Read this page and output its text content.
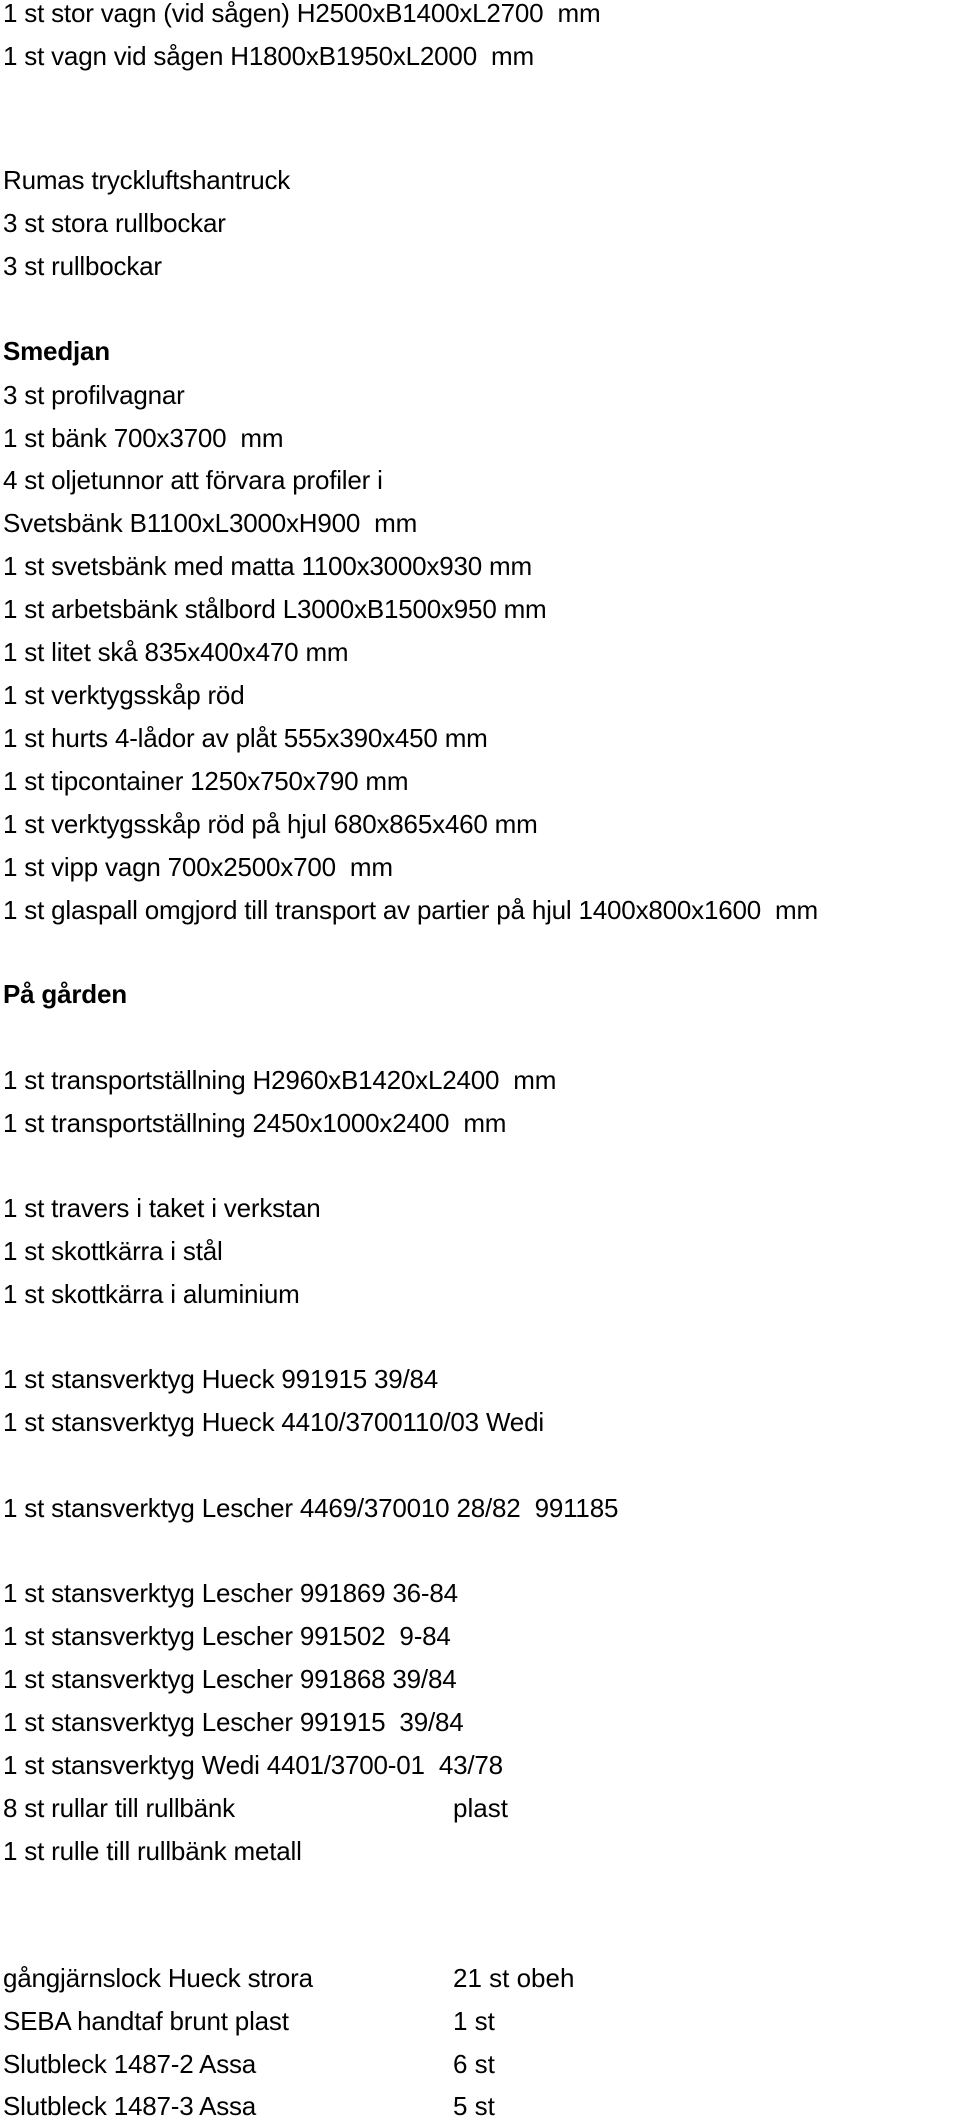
1 st stor vagn (vid sågen) H2500xB1400xL2700  mm
1 st vagn vid sågen H1800xB1950xL2000  mm
Rumas tryckluftshantruck
3 st stora rullbockar
3 st rullbockar
Smedjan
3 st profilvagnar
1 st bänk 700x3700  mm
4 st oljetunnor att förvara profiler i
Svetsbänk B1100xL3000xH900  mm
1 st svetsbänk med matta 1100x3000x930 mm
1 st arbetsbänk stålbord L3000xB1500x950 mm
1 st litet skå 835x400x470 mm
1 st verktygsskåp röd
1 st hurts 4-lådor av plåt 555x390x450 mm
1 st tipcontainer 1250x750x790 mm
1 st verktygsskåp röd på hjul 680x865x460 mm
1 st vipp vagn 700x2500x700  mm
1 st glaspall omgjord till transport av partier på hjul 1400x800x1600  mm
På gården
1 st transportställning H2960xB1420xL2400  mm
1 st transportställning 2450x1000x2400  mm
1 st travers i taket i verkstan
1 st skottkärra i stål
1 st skottkärra i aluminium
1 st stansverktyg Hueck 991915 39/84
1 st stansverktyg Hueck 4410/3700110/03 Wedi
1 st stansverktyg Lescher 4469/370010 28/82  991185
1 st stansverktyg Lescher 991869 36-84
1 st stansverktyg Lescher 991502  9-84
1 st stansverktyg Lescher 991868 39/84
1 st stansverktyg Lescher 991915  39/84
1 st stansverktyg Wedi 4401/3700-01  43/78
8 st rullar till rullbänk	plast
1 st rulle till rullbänk metall
gångjärnslock Hueck strora	21 st obeh
SEBA handtaf brunt plast	1 st
Slutbleck 1487-2 Assa	6 st
Slutbleck 1487-3 Assa	5 st
